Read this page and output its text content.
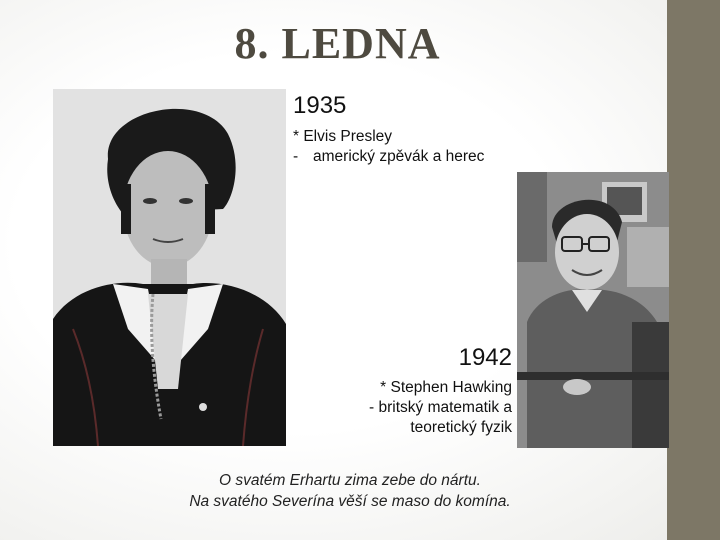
8. LEDNA
1935
* Elvis Presley
- americký zpěvák a herec
1942
* Stephen Hawking
- britský matematik a
teoretický fyzik
O svatém Erhartu zima zebe do nártu.
Na svatého Severína věší se maso do komína.
